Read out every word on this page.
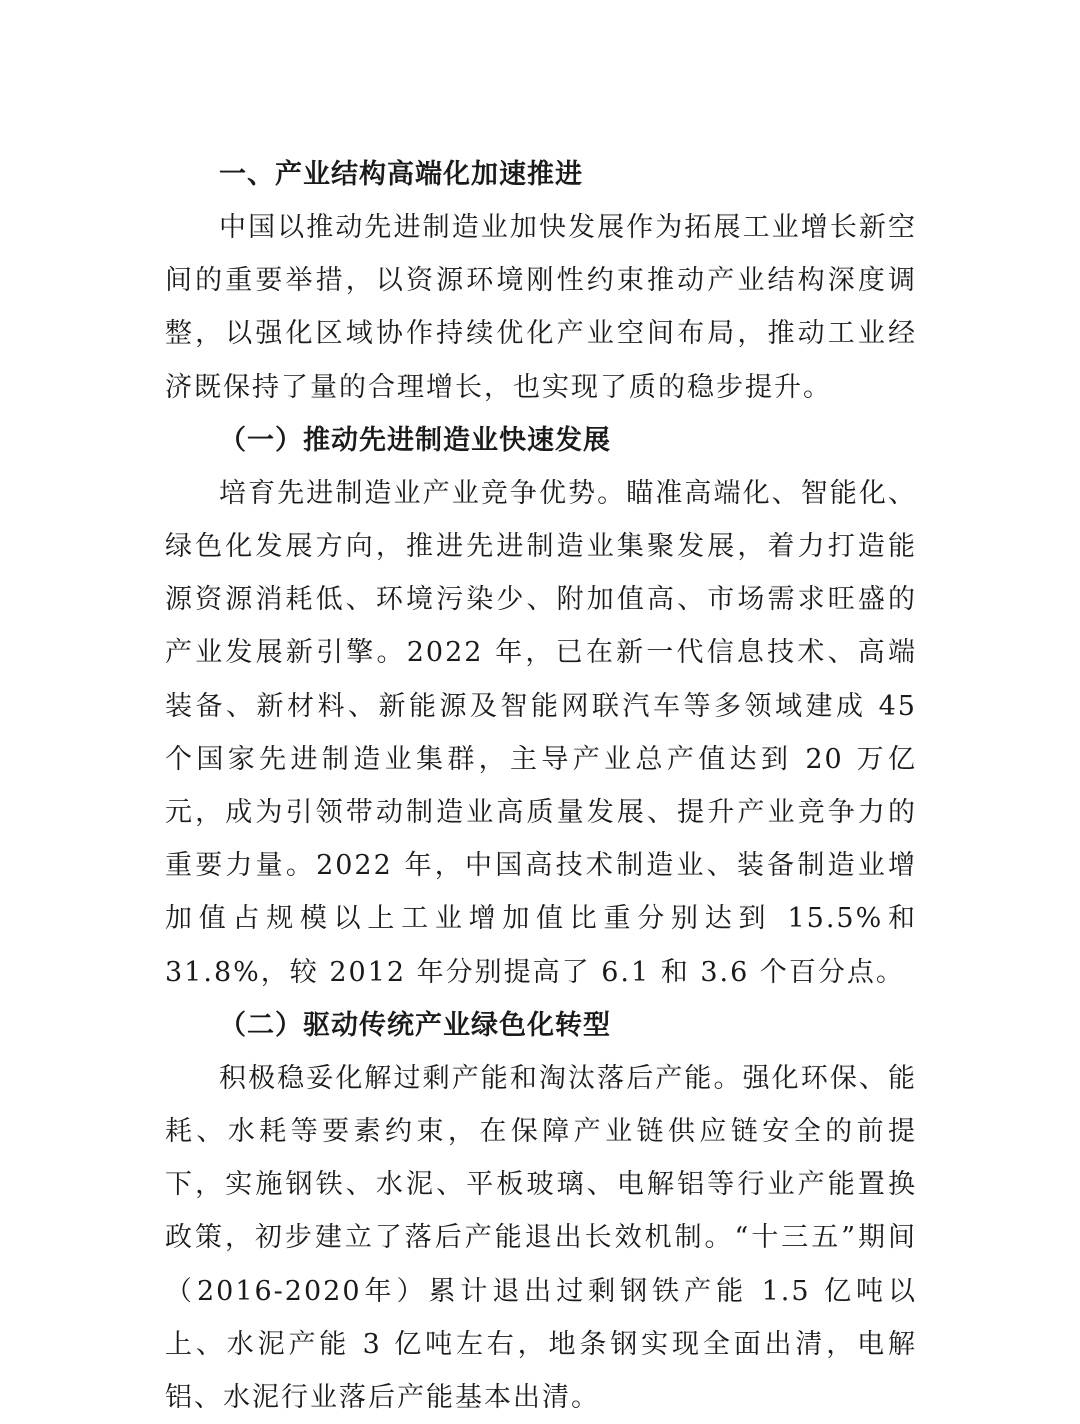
一、产业结构高端化加速推进

中国以推动先进制造业加快发展作为拓展工业增长新空间的重要举措，以资源环境刚性约束推动产业结构深度调整，以强化区域协作持续优化产业空间布局，推动工业经济既保持了量的合理增长，也实现了质的稳步提升。

（一）推动先进制造业快速发展

培育先进制造业产业竞争优势。瞄准高端化、智能化、绿色化发展方向，推进先进制造业集聚发展，着力打造能源资源消耗低、环境污染少、附加值高、市场需求旺盛的产业发展新引擎。2022 年，已在新一代信息技术、高端装备、新材料、新能源及智能网联汽车等多领域建成 45 个国家先进制造业集群，主导产业总产值达到 20 万亿元，成为引领带动制造业高质量发展、提升产业竞争力的重要力量。2022 年，中国高技术制造业、装备制造业增加值占规模以上工业增加值比重分别达到 15.5%和 31.8%，较 2012 年分别提高了 6.1 和 3.6 个百分点。

（二）驱动传统产业绿色化转型

积极稳妥化解过剩产能和淘汰落后产能。强化环保、能耗、水耗等要素约束，在保障产业链供应链安全的前提下，实施钢铁、水泥、平板玻璃、电解铝等行业产能置换政策，初步建立了落后产能退出长效机制。“十三五”期间（2016-2020年）累计退出过剩钢铁产能 1.5 亿吨以上、水泥产能 3 亿吨左右，地条钢实现全面出清，电解铝、水泥行业落后产能基本出清。
